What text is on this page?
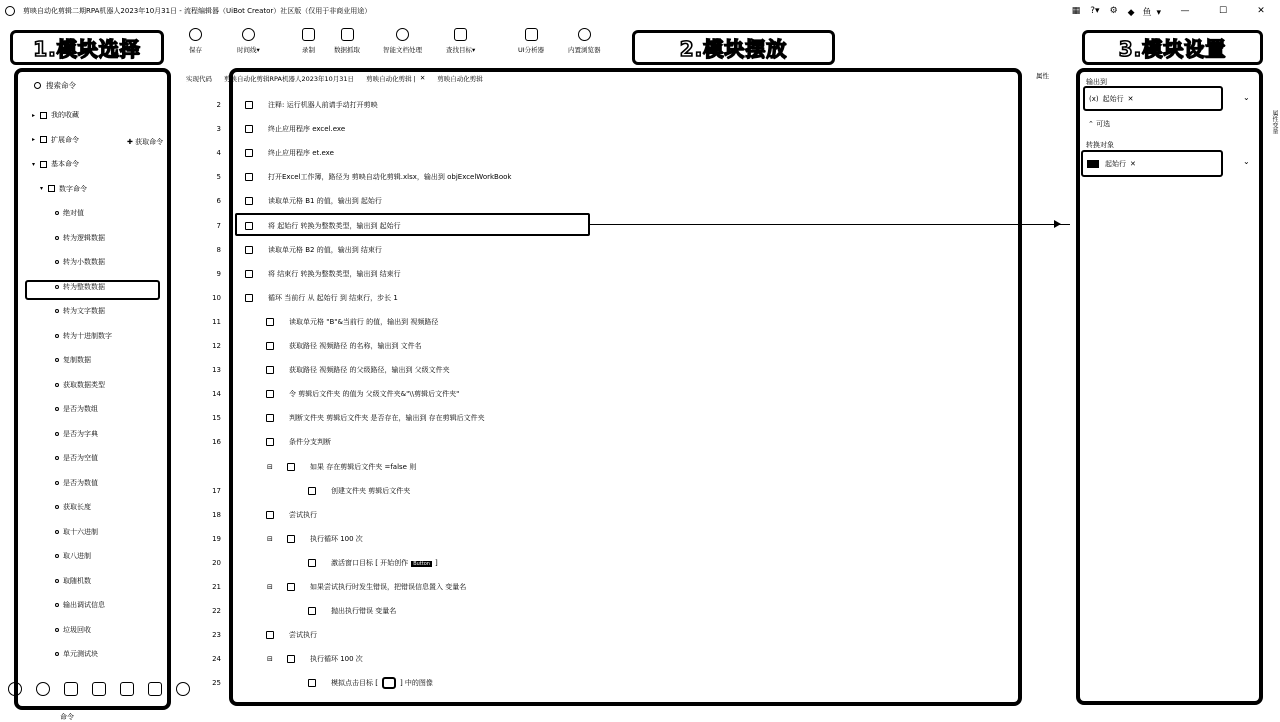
剪映自动化剪辑二期RPA机器人2023年10月31日 - 流程编辑器（UiBot Creator）社区版（仅用于非商业用途）	▦ ?▾ ⚙ ◆ 鱼 ▾	—	☐	✕
保存	时间线▾	录制	数据抓取	智能文档处理	查找目标▾	UI分析器	内置浏览器
1.模块选择	2.模块摆放	3.模块设置
搜索命令
✚ 获取命令
▸	我的收藏
▸	扩展命令
▾	基本命令
▾	数字命令
绝对值
转为逻辑数据
转为小数数据
转为整数数据
转为文字数据
转为十进制数字
复制数据
获取数据类型
是否为数组
是否为字典
是否为空值
是否为数值
获取长度
取十六进制
取八进制
取随机数
输出调试信息
垃圾回收
单元测试块
命令
实现代码 剪映自动化剪辑RPA机器人2023年10月31日 剪映自动化剪辑 | ✕ 剪映自动化剪辑	属性
2	注释: 运行机器人前请手动打开剪映
3	终止应用程序 excel.exe
4	终止应用程序 et.exe
5	打开Excel工作簿，路径为 剪映自动化剪辑.xlsx，输出到 objExcelWorkBook
6	读取单元格 B1 的值，输出到 起始行
7	将 起始行 转换为整数类型，输出到 起始行
8	读取单元格 B2 的值，输出到 结束行
9	将 结束行 转换为整数类型，输出到 结束行
10	循环 当前行 从 起始行 到 结束行，步长 1
11	读取单元格 "B"&当前行 的值，输出到 视频路径
12	获取路径 视频路径 的名称，输出到 文件名
13	获取路径 视频路径 的父级路径，输出到 父级文件夹
14	令 剪辑后文件夹 的值为 父级文件夹&"\\剪辑后文件夹"
15	判断文件夹 剪辑后文件夹 是否存在，输出到 存在剪辑后文件夹
16	条件分支判断
⊟	如果 存在剪辑后文件夹 =false 则
17	创建文件夹 剪辑后文件夹
18	尝试执行
19	⊟	执行循环 100 次
20	激活窗口目标 [ 开始创作 Button ]
21	⊟	如果尝试执行时发生错误，把错误信息置入 变量名
22	抛出执行错误 变量名
23	尝试执行
24	⊟	执行循环 100 次
25	模拟点击目标 [	] 中的图像
输出到
(x) 起始行 ✕	⌄
⌃ 可选
转换对象
起始行 ✕	⌄
属性
变量
